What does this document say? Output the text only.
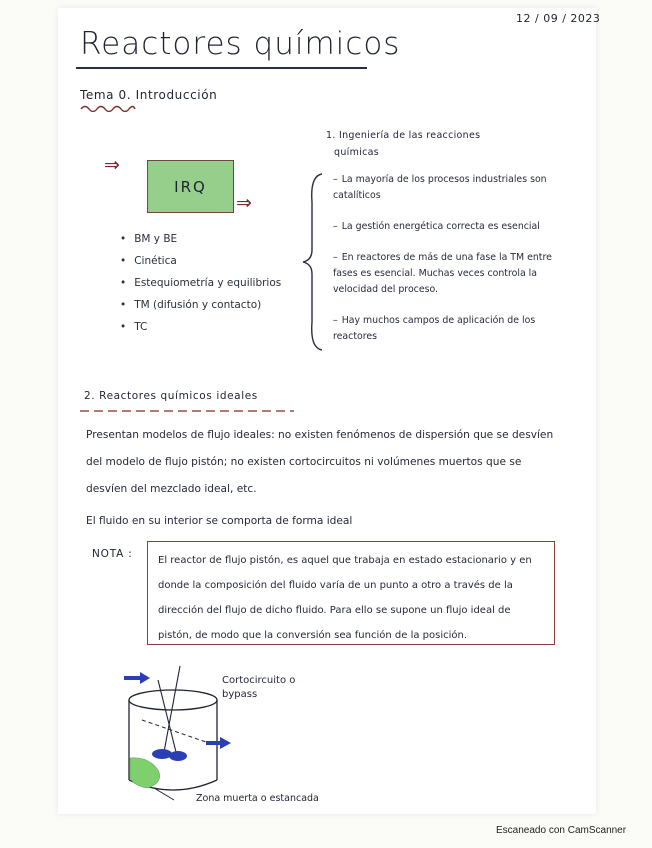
12 / 09 / 2023
Reactores químicos
Tema 0. Introducción
1. Ingeniería de las reacciones
químicas
⇒
IRQ
⇒
• BM y BE
• Cinética
• Estequiometría y equilibrios
• TM (difusión y contacto)
• TC
– La mayoría de los procesos industriales son catalíticos
– La gestión energética correcta es esencial
– En reactores de más de una fase la TM entre fases es esencial. Muchas veces controla la velocidad del proceso.
– Hay muchos campos de aplicación de los reactores
2. Reactores químicos ideales
Presentan modelos de flujo ideales: no existen fenómenos de dispersión que se desvíen del modelo de flujo pistón; no existen cortocircuitos ni volúmenes muertos que se desvíen del mezclado ideal, etc.
El fluido en su interior se comporta de forma ideal
NOTA :
El reactor de flujo pistón, es aquel que trabaja en estado estacionario y en donde la composición del fluido varía de un punto a otro a través de la dirección del flujo de dicho fluido. Para ello se supone un flujo ideal de pistón, de modo que la conversión sea función de la posición.
Cortocircuito o bypass
Zona muerta o estancada
Escaneado con CamScanner
